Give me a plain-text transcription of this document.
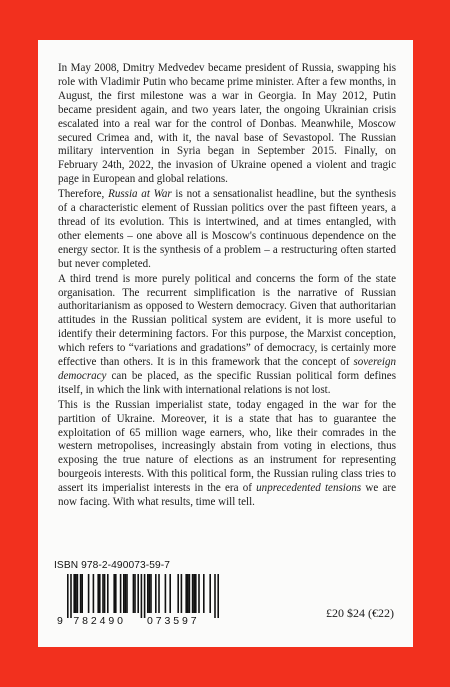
In May 2008, Dmitry Medvedev became president of Russia, swapping his role with Vladimir Putin who became prime minister. After a few months, in August, the first milestone was a war in Georgia. In May 2012, Putin became president again, and two years later, the ongoing Ukrainian crisis escalated into a real war for the control of Donbas. Meanwhile, Moscow secured Crimea and, with it, the naval base of Sevastopol. The Russian military intervention in Syria began in September 2015. Finally, on February 24th, 2022, the invasion of Ukraine opened a violent and tragic page in European and global relations.

Therefore, Russia at War is not a sensationalist headline, but the synthesis of a characteristic element of Russian politics over the past fifteen years, a thread of its evolution. This is intertwined, and at times entangled, with other elements – one above all is Moscow's continuous dependence on the energy sector. It is the synthesis of a problem – a restructuring often started but never completed.

A third trend is more purely political and concerns the form of the state organisation. The recurrent simplification is the narrative of Russian authoritarianism as opposed to Western democracy. Given that authoritarian attitudes in the Russian political system are evident, it is more useful to identify their determining factors. For this purpose, the Marxist conception, which refers to “variations and gradations” of democracy, is certainly more effective than others. It is in this framework that the concept of sovereign democracy can be placed, as the specific Russian political form defines itself, in which the link with international relations is not lost.

This is the Russian imperialist state, today engaged in the war for the partition of Ukraine. Moreover, it is a state that has to guarantee the exploitation of 65 million wage earners, who, like their comrades in the western metropolises, increasingly abstain from voting in elections, thus exposing the true nature of elections as an instrument for representing bourgeois interests. With this political form, the Russian ruling class tries to assert its imperialist interests in the era of unprecedented tensions we are now facing. With what results, time will tell.

ISBN 978-2-490073-59-7
9 7 8 2 4 9 0 0 7 3 5 9 7
£20 $24 (€22)
